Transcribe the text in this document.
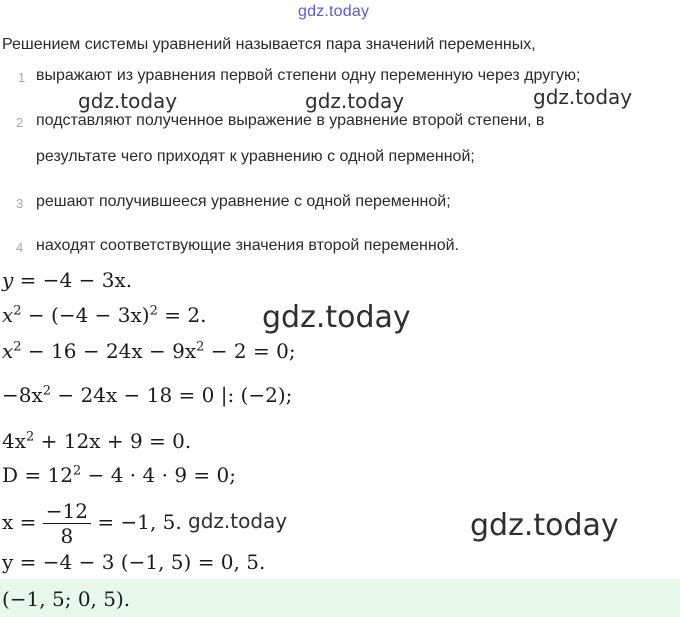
gdz.today
Решением системы уравнений называется пара значений переменных,
1 выражают из уравнения первой степени одну переменную через другую;
gdz.today	gdz.today	gdz.today
2 подставляют полученное выражение в уравнение второй степени, в
результате чего приходят к уравнению с одной перменной;
3 решают получившееся уравнение с одной переменной;
4 находят соответствующие значения второй переменной.
y = −4 − 3x.
$x^2 - (-4 - 3x)^2 = 2$. gdz.today
$x^2 - 16 - 24x - 9x^2 - 2 = 0$;
$-8x^2 - 24x - 18 = 0$ |: (−2);
$4x^2 + 12x + 9 = 0$.
$D = 12^2 - 4 \cdot 4 \cdot 9 = 0$;
$x = \frac{-12}{8} = -1$, 5. gdz.today	gdz.today
y = −4 − 3 (−1, 5) = 0, 5.
(−1, 5; 0, 5).
